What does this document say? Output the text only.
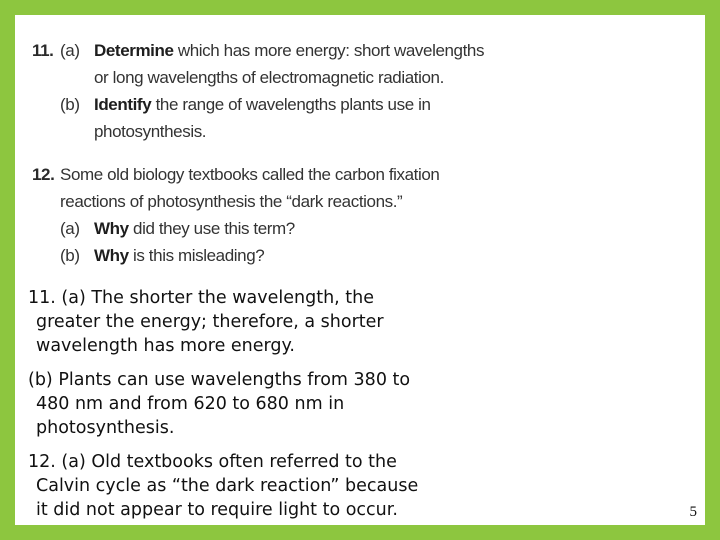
11. (a) Determine which has more energy: short wavelengths
or long wavelengths of electromagnetic radiation.
(b) Identify the range of wavelengths plants use in
photosynthesis.
12. Some old biology textbooks called the carbon fixation
reactions of photosynthesis the “dark reactions.”
(a) Why did they use this term?
(b) Why is this misleading?
11. (a) The shorter the wavelength, the
greater the energy; therefore, a shorter
wavelength has more energy.
(b) Plants can use wavelengths from 380 to
480 nm and from 620 to 680 nm in
photosynthesis.
12. (a) Old textbooks often referred to the
Calvin cycle as “the dark reaction” because
it did not appear to require light to occur.	5
